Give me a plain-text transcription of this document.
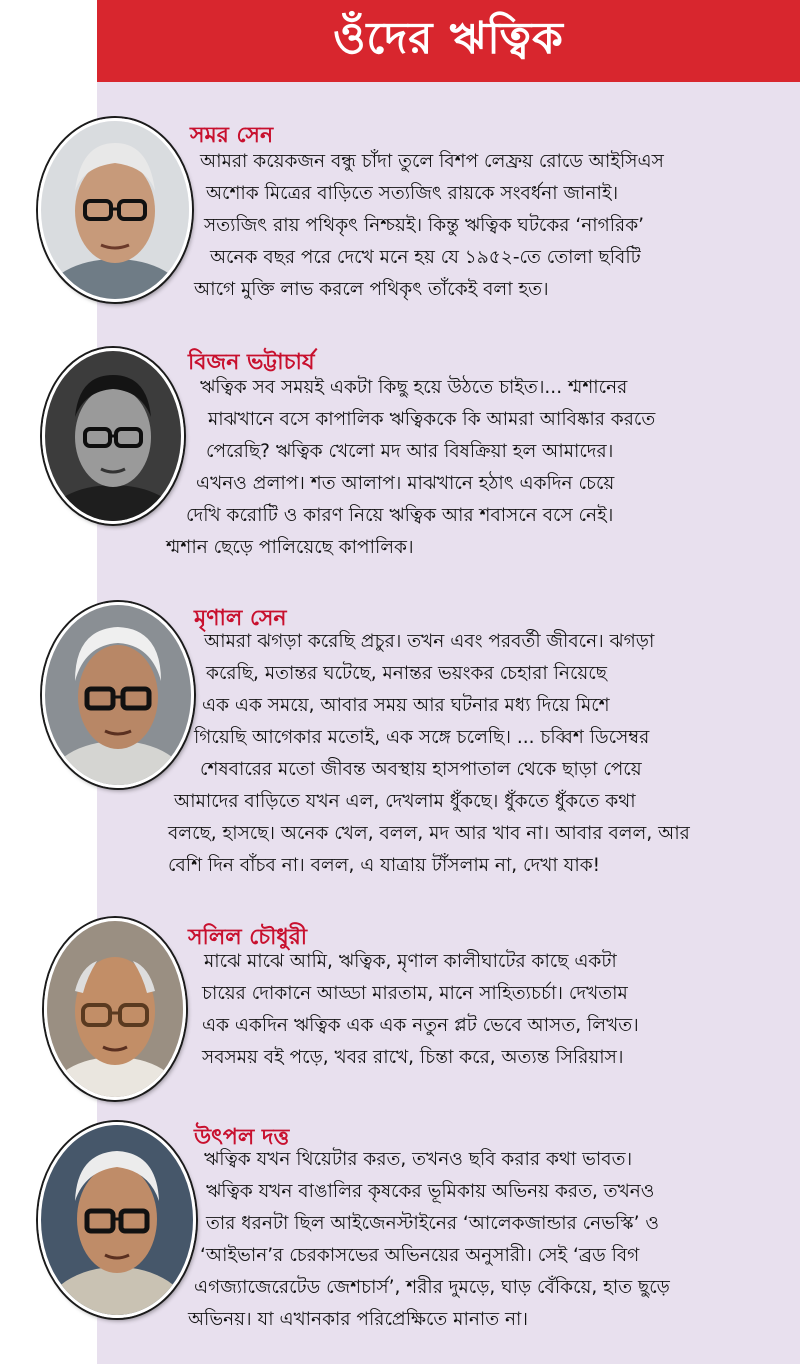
ওঁদের ঋত্বিক
সমর সেন
আমরা কয়েকজন বন্ধু চাঁদা তুলে বিশপ লেফ্রয় রোডে আইসিএস
অশোক মিত্রের বাড়িতে সত্যজিৎ রায়কে সংবর্ধনা জানাই।
সত্যজিৎ রায় পথিকৃৎ নিশ্চয়ই। কিন্তু ঋত্বিক ঘটকের ‘নাগরিক’
অনেক বছর পরে দেখে মনে হয় যে ১৯৫২-তে তোলা ছবিটি
আগে মুক্তি লাভ করলে পথিকৃৎ তাঁকেই বলা হত।
বিজন ভট্টাচার্য
ঋত্বিক সব সময়ই একটা কিছু হয়ে উঠতে চাইত।... শ্মশানের
মাঝখানে বসে কাপালিক ঋত্বিককে কি আমরা আবিষ্কার করতে
পেরেছি? ঋত্বিক খেলো মদ আর বিষক্রিয়া হল আমাদের।
এখনও প্রলাপ। শত আলাপ। মাঝখানে হঠাৎ একদিন চেয়ে
দেখি করোটি ও কারণ নিয়ে ঋত্বিক আর শবাসনে বসে নেই।
শ্মশান ছেড়ে পালিয়েছে কাপালিক।
মৃণাল সেন
আমরা ঝগড়া করেছি প্রচুর। তখন এবং পরবর্তী জীবনে। ঝগড়া
করেছি, মতান্তর ঘটেছে, মনান্তর ভয়ংকর চেহারা নিয়েছে
এক এক সময়ে, আবার সময় আর ঘটনার মধ্য দিয়ে মিশে
গিয়েছি আগেকার মতোই, এক সঙ্গে চলেছি। ... চব্বিশ ডিসেম্বর
শেষবারের মতো জীবন্ত অবস্থায় হাসপাতাল থেকে ছাড়া পেয়ে
আমাদের বাড়িতে যখন এল, দেখলাম ধুঁকছে। ধুঁকতে ধুঁকতে কথা
বলছে, হাসছে। অনেক খেল, বলল, মদ আর খাব না। আবার বলল, আর
বেশি দিন বাঁচব না। বলল, এ যাত্রায় টাঁসলাম না, দেখা যাক!
সলিল চৌধুরী
মাঝে মাঝে আমি, ঋত্বিক, মৃণাল কালীঘাটের কাছে একটা
চায়ের দোকানে আড্ডা মারতাম, মানে সাহিত্যচর্চা। দেখতাম
এক একদিন ঋত্বিক এক এক নতুন প্লট ভেবে আসত, লিখত।
সবসময় বই পড়ে, খবর রাখে, চিন্তা করে, অত্যন্ত সিরিয়াস।
উৎপল দত্ত
ঋত্বিক যখন থিয়েটার করত, তখনও ছবি করার কথা ভাবত।
ঋত্বিক যখন বাঙালির কৃষকের ভূমিকায় অভিনয় করত, তখনও
তার ধরনটা ছিল আইজেনস্টাইনের ‘আলেকজান্ডার নেভস্কি’ ও
‘আইভান’র চেরকাসভের অভিনয়ের অনুসারী। সেই ‘ব্রড বিগ
এগজ্যাজেরেটেড জেশচার্স’, শরীর দুমড়ে, ঘাড় বেঁকিয়ে, হাত ছুড়ে
অভিনয়। যা এখানকার পরিপ্রেক্ষিতে মানাত না।
